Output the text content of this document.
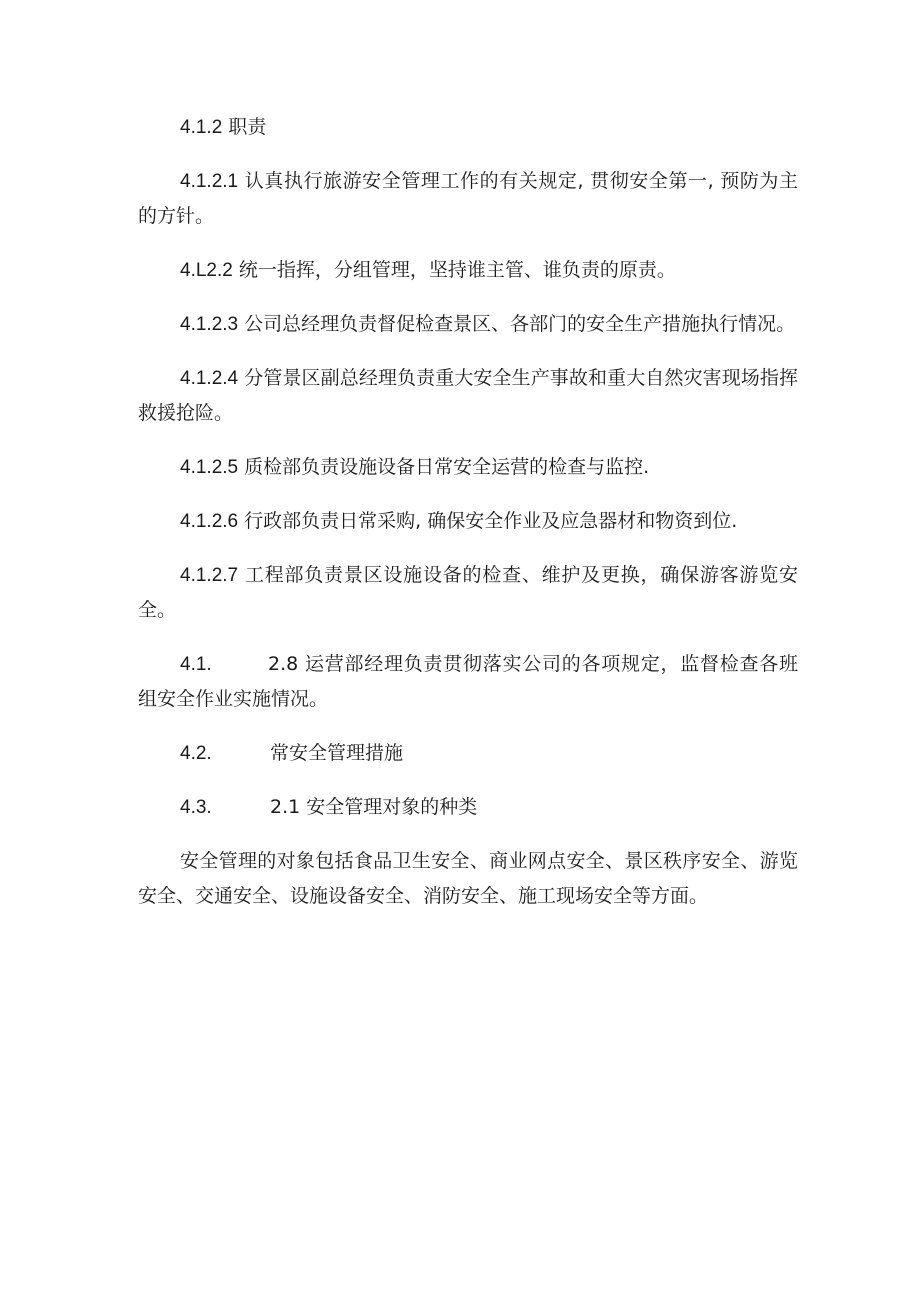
4.1.2 职责

4.1.2.1 认真执行旅游安全管理工作的有关规定, 贯彻安全第一, 预防为主的方针。

4.L2.2 统一指挥，分组管理，坚持谁主管、谁负责的原责。

4.1.2.3 公司总经理负责督促检查景区、各部门的安全生产措施执行情况。

4.1.2.4 分管景区副总经理负责重大安全生产事故和重大自然灾害现场指挥救援抢险。

4.1.2.5 质检部负责设施设备日常安全运营的检查与监控.

4.1.2.6 行政部负责日常采购, 确保安全作业及应急器材和物资到位.

4.1.2.7 工程部负责景区设施设备的检查、维护及更换，确保游客游览安全。

4.1.	2.8 运营部经理负责贯彻落实公司的各项规定，监督检查各班组安全作业实施情况。

4.2.	常安全管理措施

4.3.	2.1 安全管理对象的种类

安全管理的对象包括食品卫生安全、商业网点安全、景区秩序安全、游览安全、交通安全、设施设备安全、消防安全、施工现场安全等方面。
